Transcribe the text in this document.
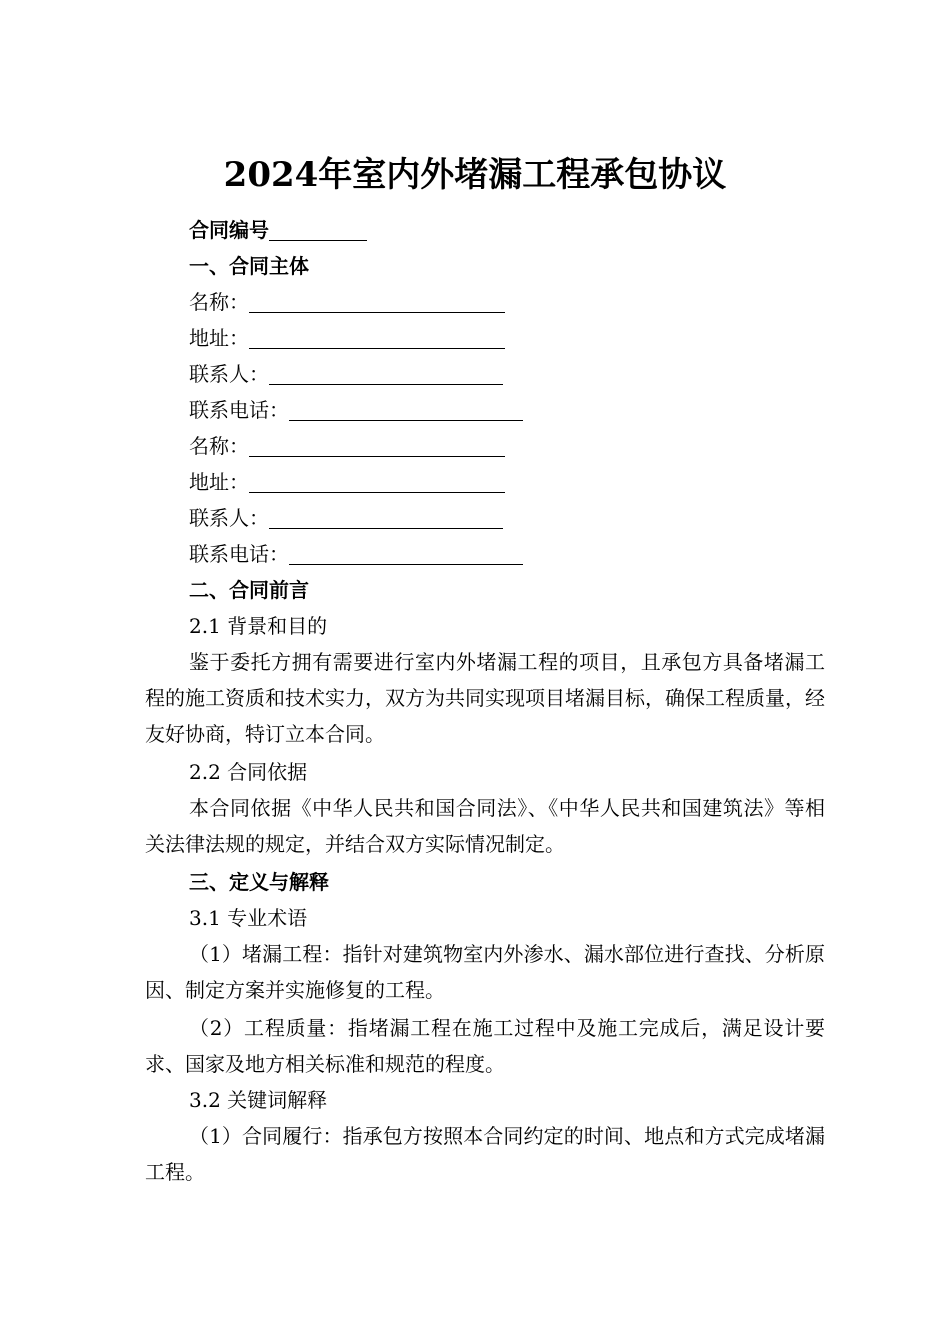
2024年室内外堵漏工程承包协议
合同编号
一、合同主体
名称：
地址：
联系人：
联系电话：
名称：
地址：
联系人：
联系电话：
二、合同前言
2.1 背景和目的

鉴于委托方拥有需要进行室内外堵漏工程的项目，且承包方具备堵漏工程的施工资质和技术实力，双方为共同实现项目堵漏目标，确保工程质量，经友好协商，特订立本合同。

2.2 合同依据

本合同依据《中华人民共和国合同法》、《中华人民共和国建筑法》等相关法律法规的规定，并结合双方实际情况制定。

三、定义与解释
3.1 专业术语

（1）堵漏工程：指针对建筑物室内外渗水、漏水部位进行查找、分析原因、制定方案并实施修复的工程。

（2）工程质量：指堵漏工程在施工过程中及施工完成后，满足设计要求、国家及地方相关标准和规范的程度。

3.2 关键词解释

（1）合同履行：指承包方按照本合同约定的时间、地点和方式完成堵漏工程。
